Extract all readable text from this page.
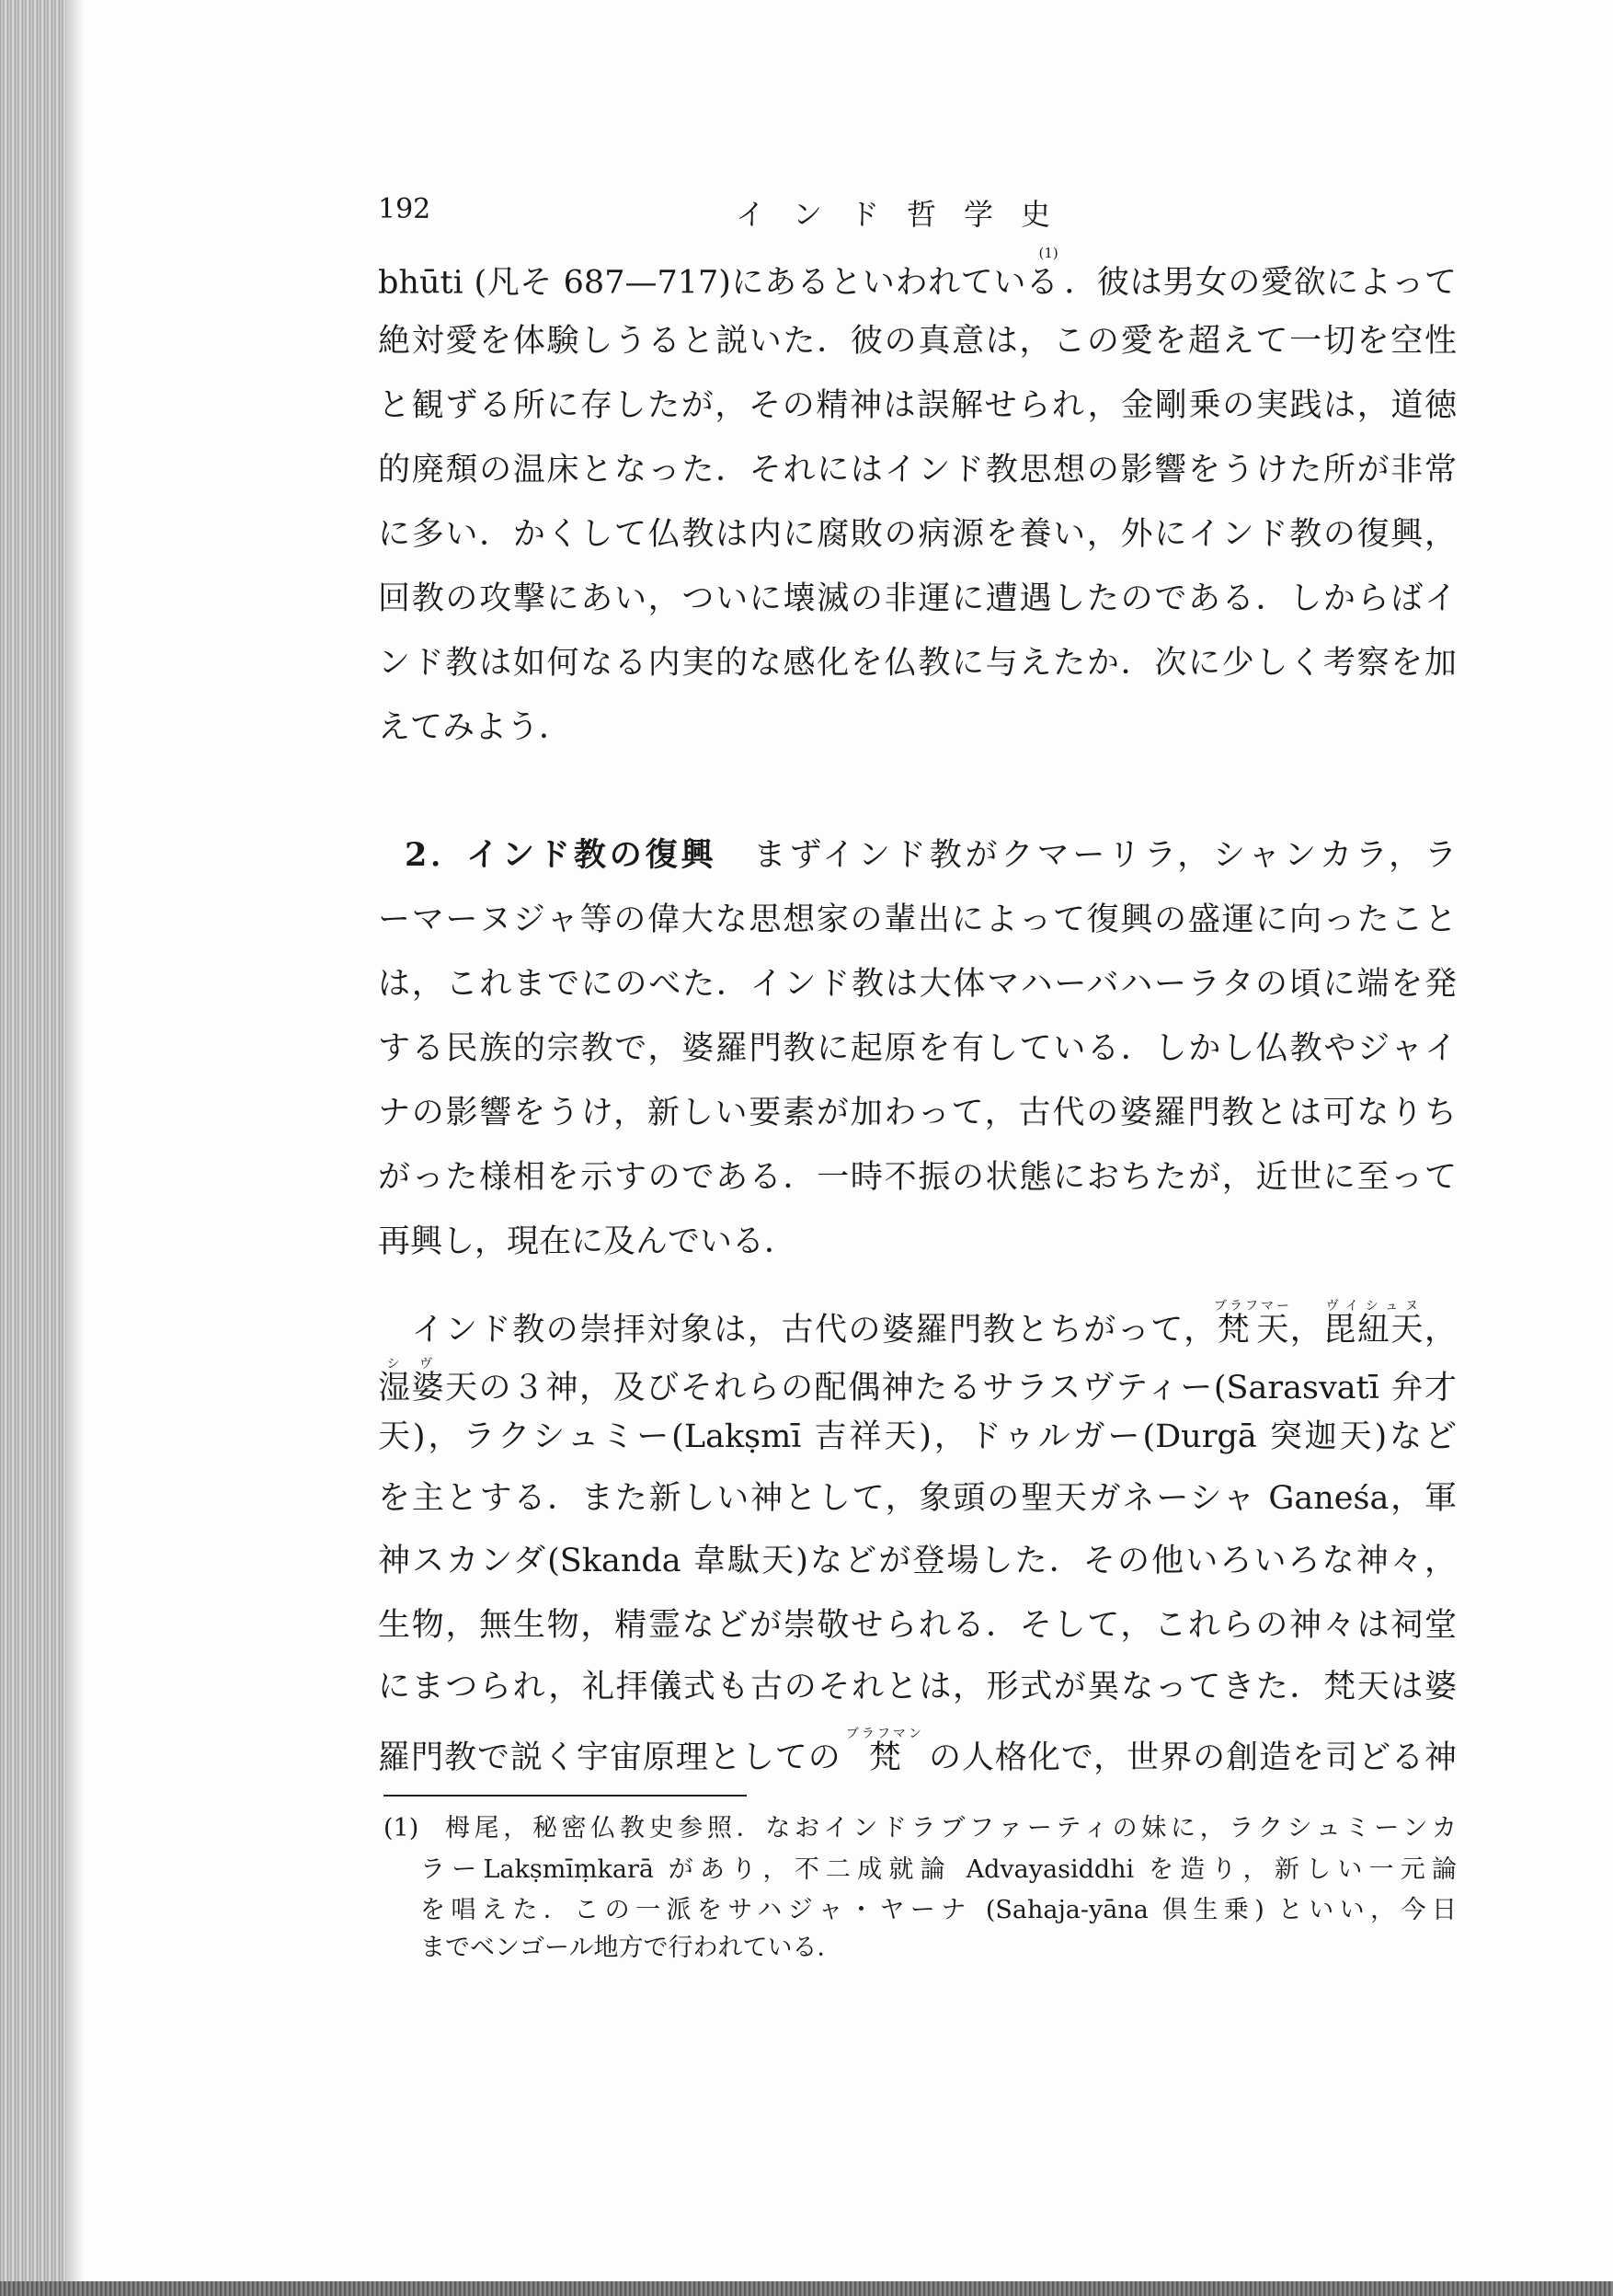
192	インド哲学史
bhūti (凡そ 687—717)にあるといわれている$^{(1)}$．彼は男女の愛欲によって
絶対愛を体験しうると説いた．彼の真意は，この愛を超えて一切を空性
と観ずる所に存したが，その精神は誤解せられ，金剛乗の実践は，道徳
的廃頽の温床となった．それにはインド教思想の影響をうけた所が非常
に多い．かくして仏教は内に腐敗の病源を養い，外にインド教の復興，
回教の攻撃にあい，ついに壊滅の非運に遭遇したのである．しからばイ
ンド教は如何なる内実的な感化を仏教に与えたか．次に少しく考察を加
えてみよう．
2．インド教の復興 まずインド教がクマーリラ，シャンカラ，ラ
ーマーヌジャ等の偉大な思想家の輩出によって復興の盛運に向ったこと
は，これまでにのべた．インド教は大体マハーバハーラタの頃に端を発
する民族的宗教で，婆羅門教に起原を有している．しかし仏教やジャイ
ナの影響をうけ，新しい要素が加わって，古代の婆羅門教とは可なりち
がった様相を示すのである．一時不振の状態におちたが，近世に至って
再興し，現在に及んでいる．
　インド教の崇拝対象は，古代の婆羅門教とちがって，梵天ブラフマー，毘紐天ヴイシュヌ，
湿婆シヴ天の３神，及びそれらの配偶神たるサラスヴティー(Sarasvatī 弁才
天)，ラクシュミー(Lakṣmī 吉祥天)，ドゥルガー(Durgā 突迦天)など
を主とする．また新しい神として，象頭の聖天ガネーシャ Ganeśa，軍
神スカンダ(Skanda 韋駄天)などが登場した．その他いろいろな神々，
生物，無生物，精霊などが崇敬せられる．そして，これらの神々は祠堂
にまつられ，礼拝儀式も古のそれとは，形式が異なってきた．梵天は婆
羅門教で説く宇宙原理としての 梵ブラフマン の人格化で，世界の創造を司どる神
(1) 栂尾，秘密仏教史参照．なおインドラブファーティの妹に，ラクシュミーンカ
ラーLakṣmīṃkarā があり，不二成就論 Advayasiddhi を造り，新しい一元論
を唱えた．この一派をサハジャ・ヤーナ (Sahaja-yāna 倶生乗) といい，今日
までベンゴール地方で行われている．
